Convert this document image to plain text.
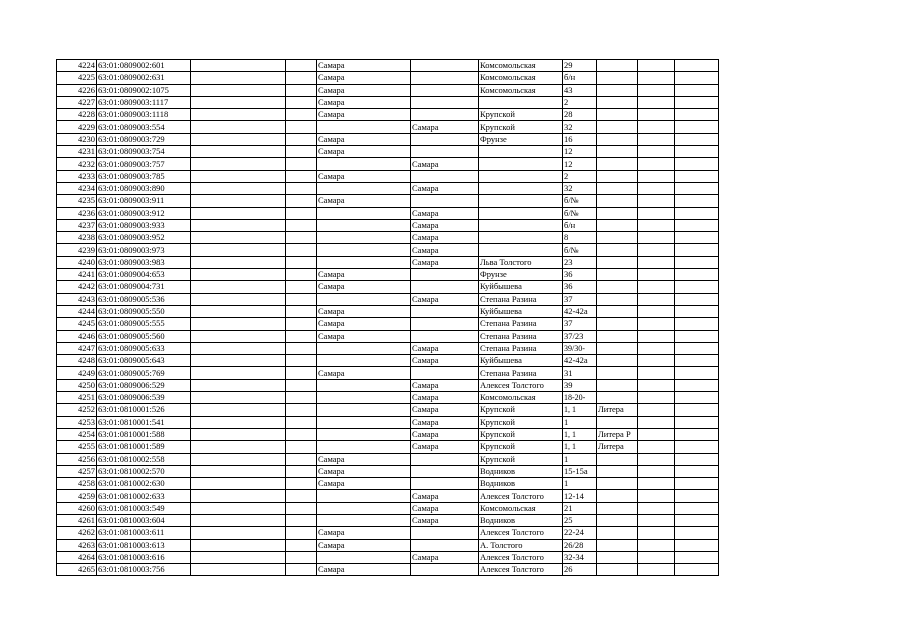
4224	63:01:0809002:601			Самара		Комсомольская	29			
4225	63:01:0809002:631			Самара		Комсомольская	б/н			
4226	63:01:0809002:1075			Самара		Комсомольская	43			
4227	63:01:0809003:1117			Самара			2			
4228	63:01:0809003:1118			Самара		Крупской	28			
4229	63:01:0809003:554				Самара	Крупской	32			
4230	63:01:0809003:729			Самара		Фрунзе	16			
4231	63:01:0809003:754			Самара			12			
4232	63:01:0809003:757				Самара		12			
4233	63:01:0809003:785			Самара			2			
4234	63:01:0809003:890				Самара		32			
4235	63:01:0809003:911			Самара			б/№			
4236	63:01:0809003:912				Самара		б/№			
4237	63:01:0809003:933				Самара		б/н			
4238	63:01:0809003:952				Самара		8			
4239	63:01:0809003:973				Самара		б/№			
4240	63:01:0809003:983				Самара	Льва Толстого	23			
4241	63:01:0809004:653			Самара		Фрунзе	36			
4242	63:01:0809004:731			Самара		Куйбышева	36			
4243	63:01:0809005:536				Самара	Степана Разина	37			
4244	63:01:0809005:550			Самара		Куйбышева	42-42а			
4245	63:01:0809005:555			Самара		Степана Разина	37			
4246	63:01:0809005:560			Самара		Степана Разина	37/23			
4247	63:01:0809005:633				Самара	Степана Разина	39/30-			
4248	63:01:0809005:643				Самара	Куйбышева	42-42а			
4249	63:01:0809005:769			Самара		Степана Разина	31			
4250	63:01:0809006:529				Самара	Алексея Толстого	39			
4251	63:01:0809006:539				Самара	Комсомольская	18-20-			
4252	63:01:0810001:526				Самара	Крупской	1, 1	Литера		
4253	63:01:0810001:541				Самара	Крупской	1			
4254	63:01:0810001:588				Самара	Крупской	1, 1	Литера Р		
4255	63:01:0810001:589				Самара	Крупской	1, 1	Литера		
4256	63:01:0810002:558			Самара		Крупской	1			
4257	63:01:0810002:570			Самара		Водников	15-15а			
4258	63:01:0810002:630			Самара		Водников	1			
4259	63:01:0810002:633				Самара	Алексея Толстого	12-14			
4260	63:01:0810003:549				Самара	Комсомольская	21			
4261	63:01:0810003:604				Самара	Водников	25			
4262	63:01:0810003:611			Самара		Алексея Толстого	22-24			
4263	63:01:0810003:613			Самара		А. Толстого	26/28			
4264	63:01:0810003:616				Самара	Алексея Толстого	32-34			
4265	63:01:0810003:756			Самара		Алексея Толстого	26			
